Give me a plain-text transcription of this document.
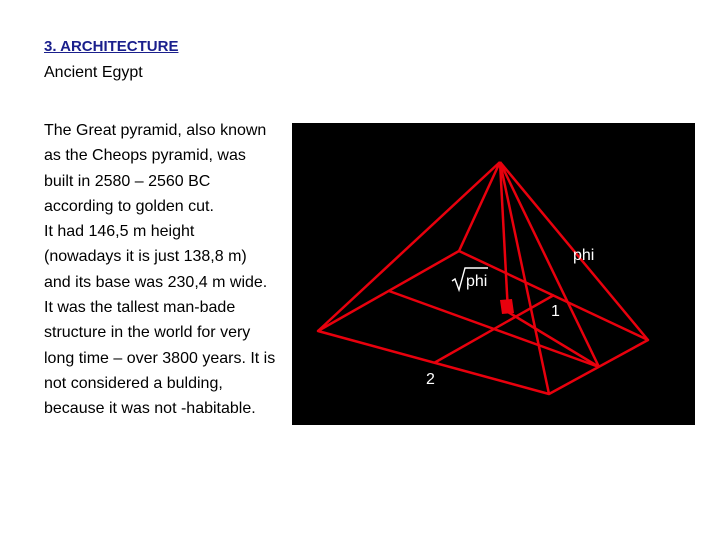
3. ARCHITECTURE
Ancient Egypt

The Great pyramid, also known as the Cheops pyramid, was built in 2580 – 2560 BC according to golden cut.

It had 146,5 m height (nowadays it is just 138,8 m) and its base was 230,4 m wide.

It was the tallest man-bade structure in the world for very long time – over 3800 years. It is not considered a bulding, because it was not -habitable.

phi
phi
1
2
